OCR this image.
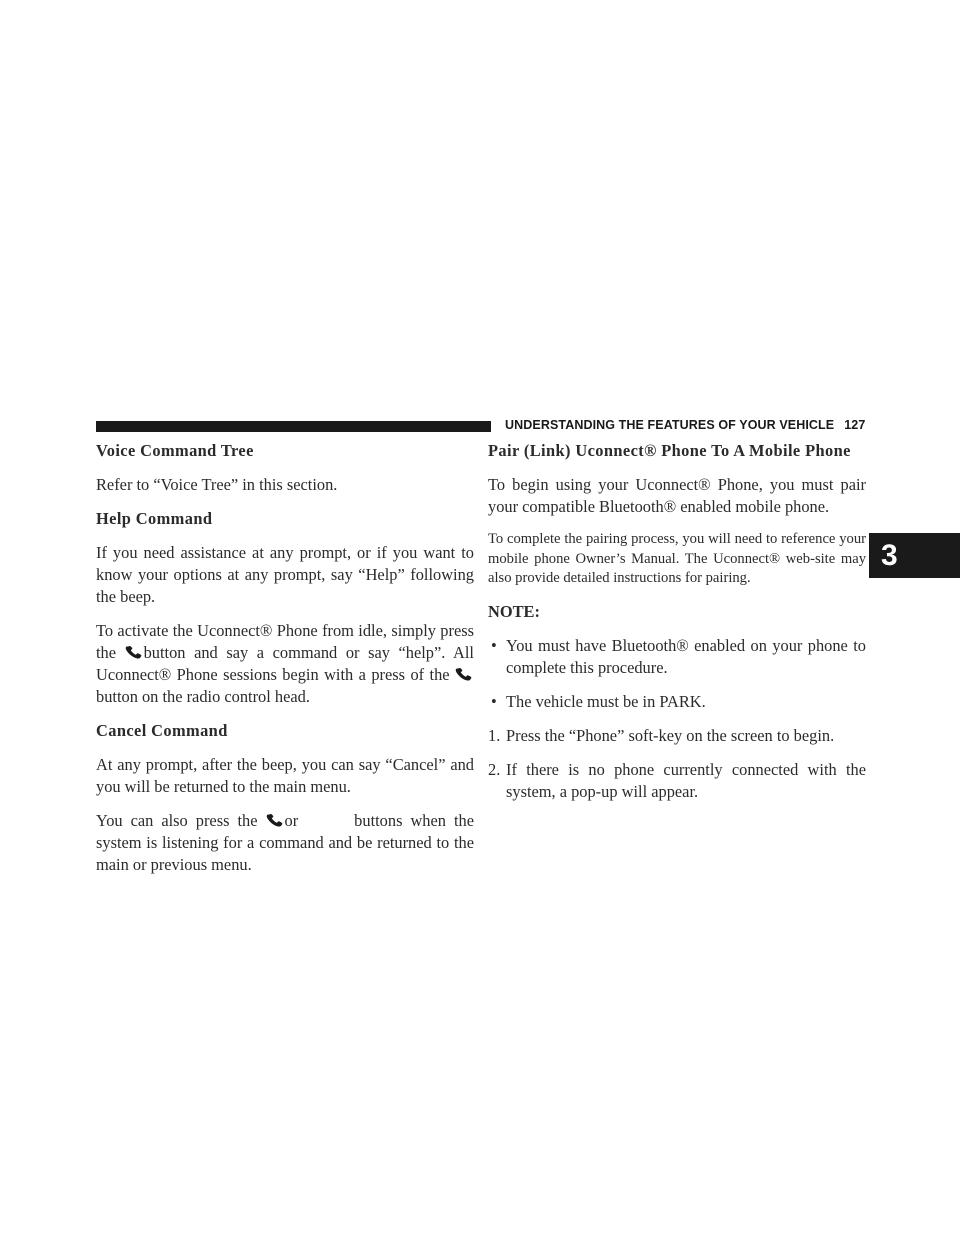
UNDERSTANDING THE FEATURES OF YOUR VEHICLE 127
3
Voice Command Tree

Refer to “Voice Tree” in this section.

Help Command

If you need assistance at any prompt, or if you want to know your options at any prompt, say “Help” following the beep.

To activate the Uconnect® Phone from idle, simply press the
button and say a command or say “help”. All Uconnect® Phone sessions begin with a press of the
button on the radio control head.

Cancel Command

At any prompt, after the beep, you can say “Cancel” and you will be returned to the main menu.

You can also press the
or	buttons when the system is listening for a command and be returned to the main or previous menu.

Pair (Link) Uconnect® Phone To A Mobile Phone

To begin using your Uconnect® Phone, you must pair your compatible Bluetooth® enabled mobile phone.

To complete the pairing process, you will need to reference your mobile phone Owner’s Manual. The Uconnect® web-site may also provide detailed instructions for pairing.

NOTE:
• You must have Bluetooth® enabled on your phone to complete this procedure.
• The vehicle must be in PARK.
1. Press the “Phone” soft-key on the screen to begin.
2. If there is no phone currently connected with the system, a pop-up will appear.
